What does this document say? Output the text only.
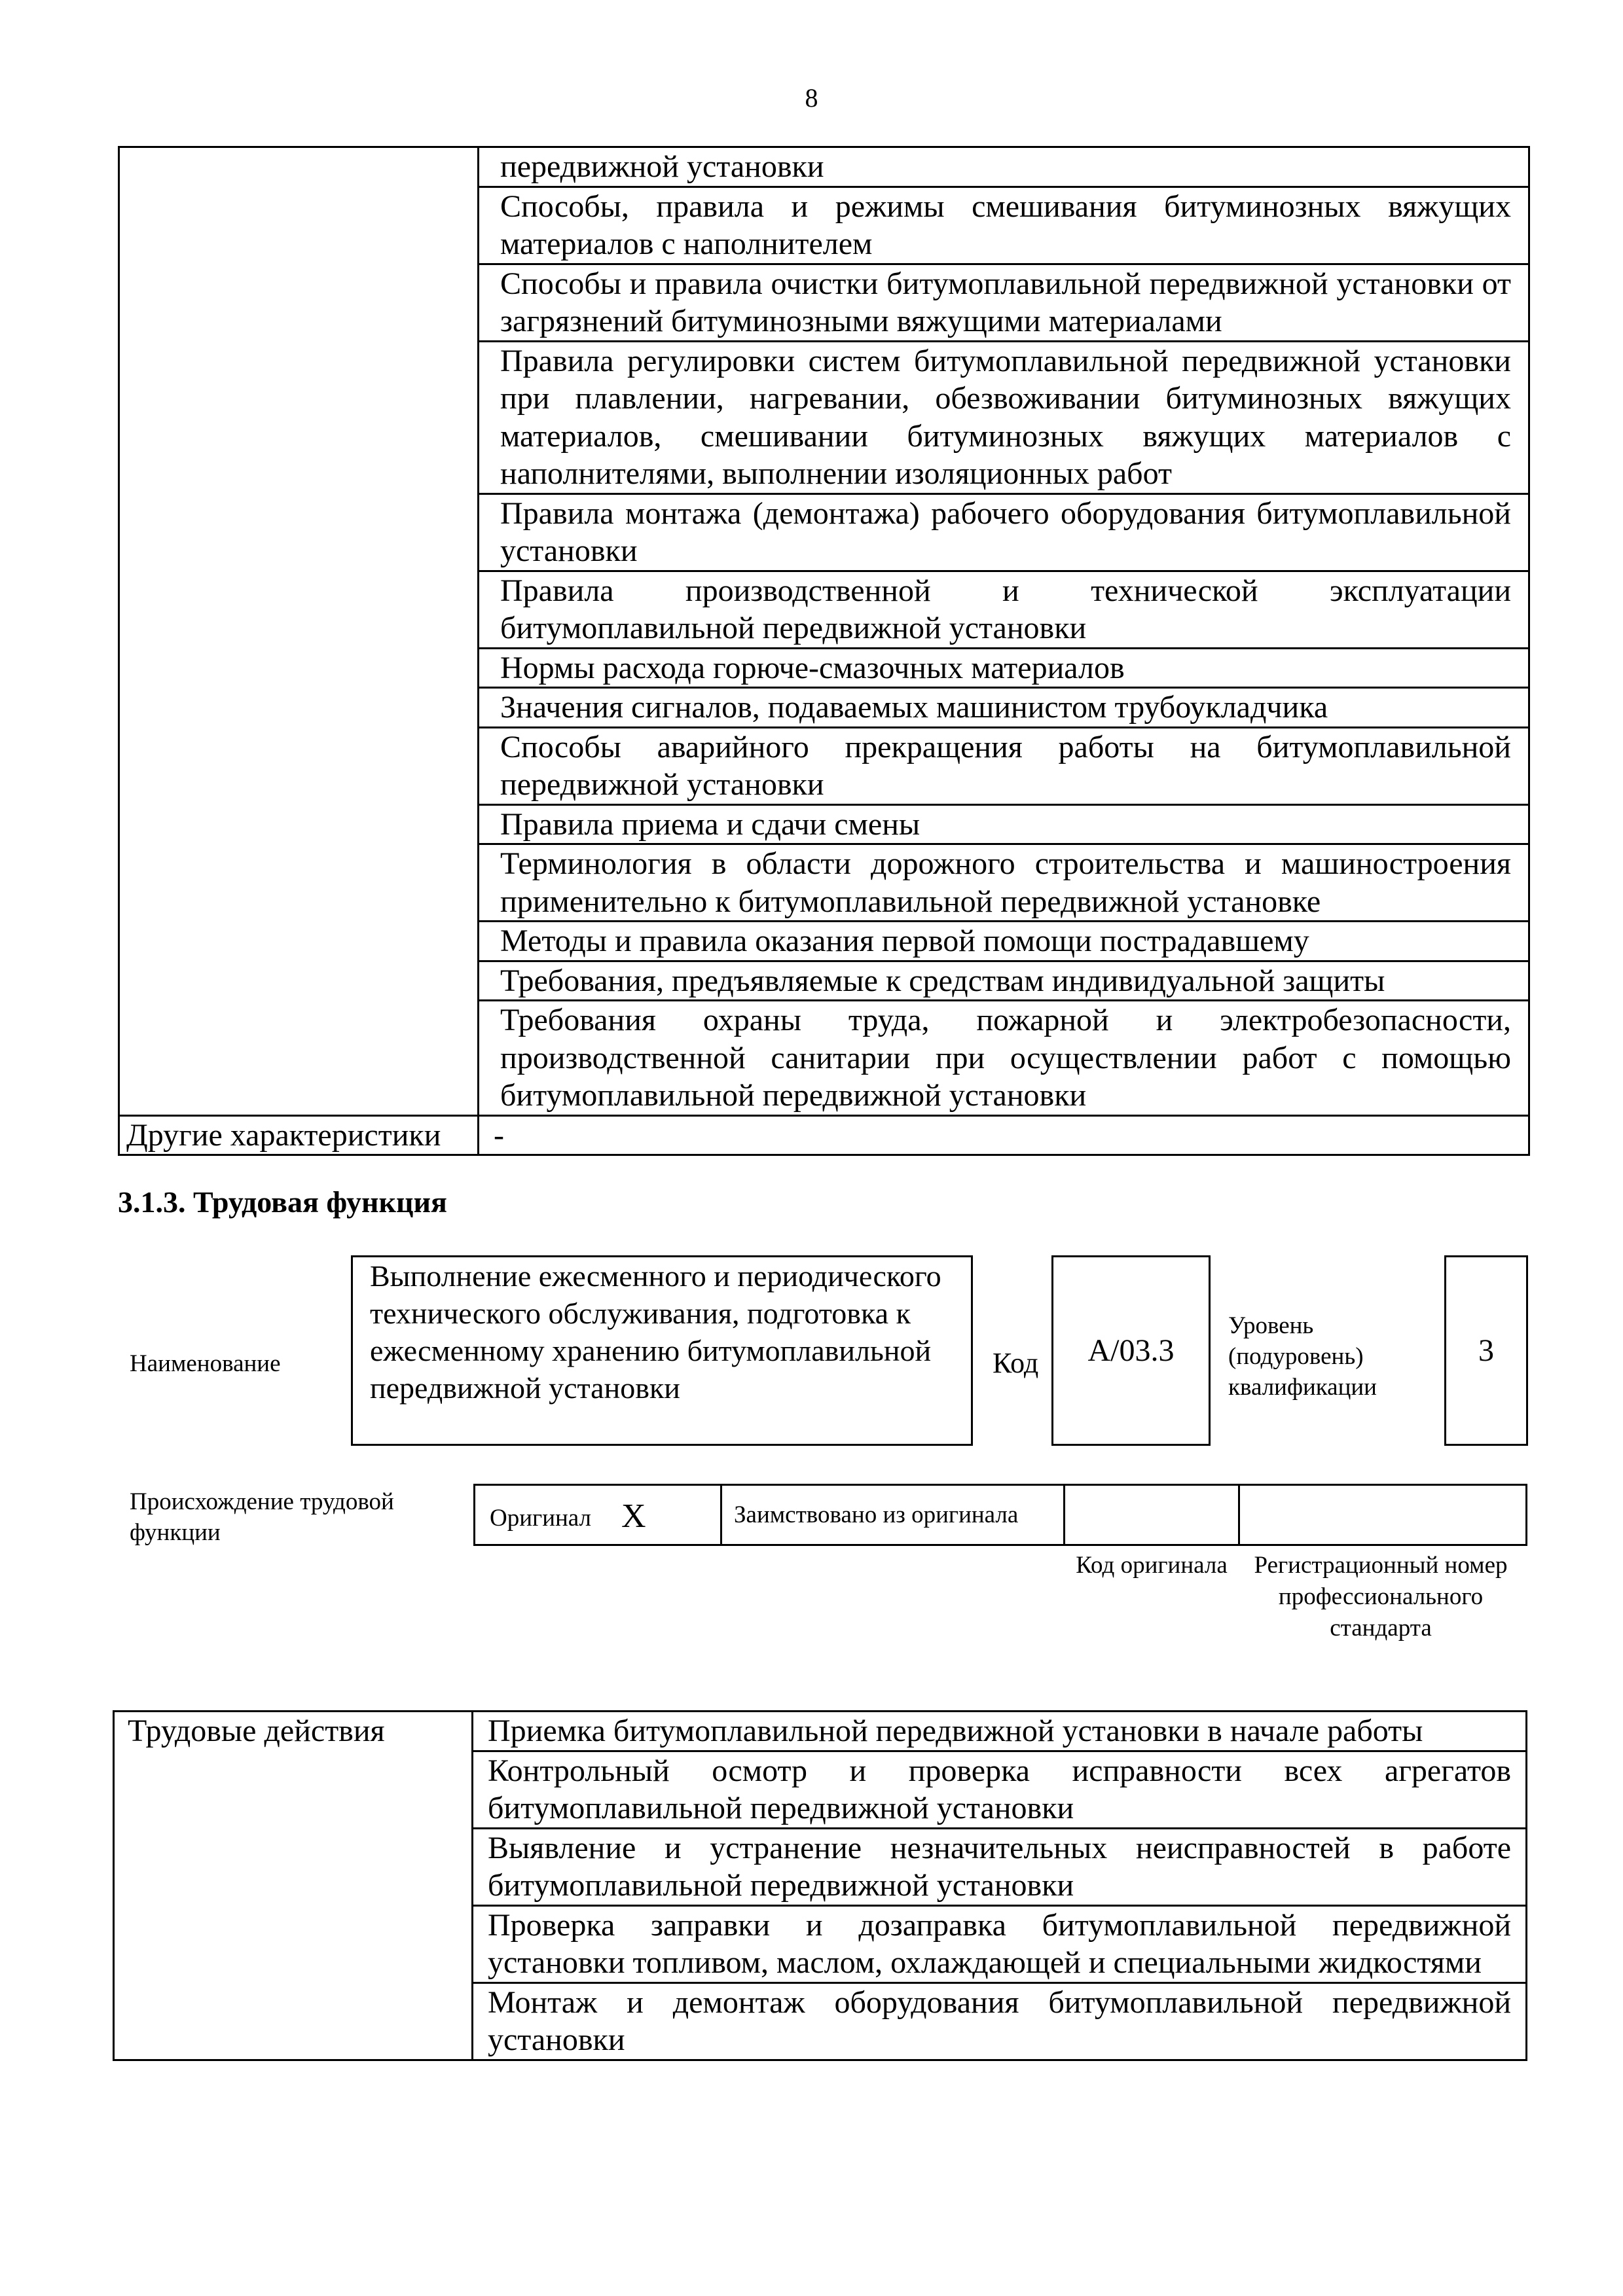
8
	передвижной установки
	Способы, правила и режимы смешивания битуминозных вяжущих материалов с наполнителем
	Способы и правила очистки битумоплавильной передвижной установки от загрязнений битуминозными вяжущими материалами
	Правила регулировки систем битумоплавильной передвижной установки при плавлении, нагревании, обезвоживании битуминозных вяжущих материалов, смешивании битуминозных вяжущих материалов с наполнителями, выполнении изоляционных работ
	Правила монтажа (демонтажа) рабочего оборудования битумоплавильной установки
	Правила производственной и технической эксплуатации битумоплавильной передвижной установки
	Нормы расхода горюче-смазочных материалов
	Значения сигналов, подаваемых машинистом трубоукладчика
	Способы аварийного прекращения работы на битумоплавильной передвижной установки
	Правила приема и сдачи смены
	Терминология в области дорожного строительства и машиностроения применительно к битумоплавильной передвижной установке
	Методы и правила оказания первой помощи пострадавшему
	Требования, предъявляемые к средствам индивидуальной защиты
	Требования охраны труда, пожарной и электробезопасности, производственной санитарии при осуществлении работ с помощью битумоплавильной передвижной установки
Другие характеристики	-
3.1.3. Трудовая функция
Наименование
Выполнение ежесменного и периодического технического обслуживания, подготовка к ежесменному хранению битумоплавильной передвижной установки
Код А/03.3
Уровень (подуровень) квалификации
3
Происхождение трудовой функции
Оригинал X	Заимствовано из оригинала		
Код оригинала	Регистрационный номер профессионального стандарта
Трудовые действия	Приемка битумоплавильной передвижной установки в начале работы
Контрольный осмотр и проверка исправности всех агрегатов битумоплавильной передвижной установки
Выявление и устранение незначительных неисправностей в работе битумоплавильной передвижной установки
Проверка заправки и дозаправка битумоплавильной передвижной установки топливом, маслом, охлаждающей и специальными жидкостями
Монтаж и демонтаж оборудования битумоплавильной передвижной установки
